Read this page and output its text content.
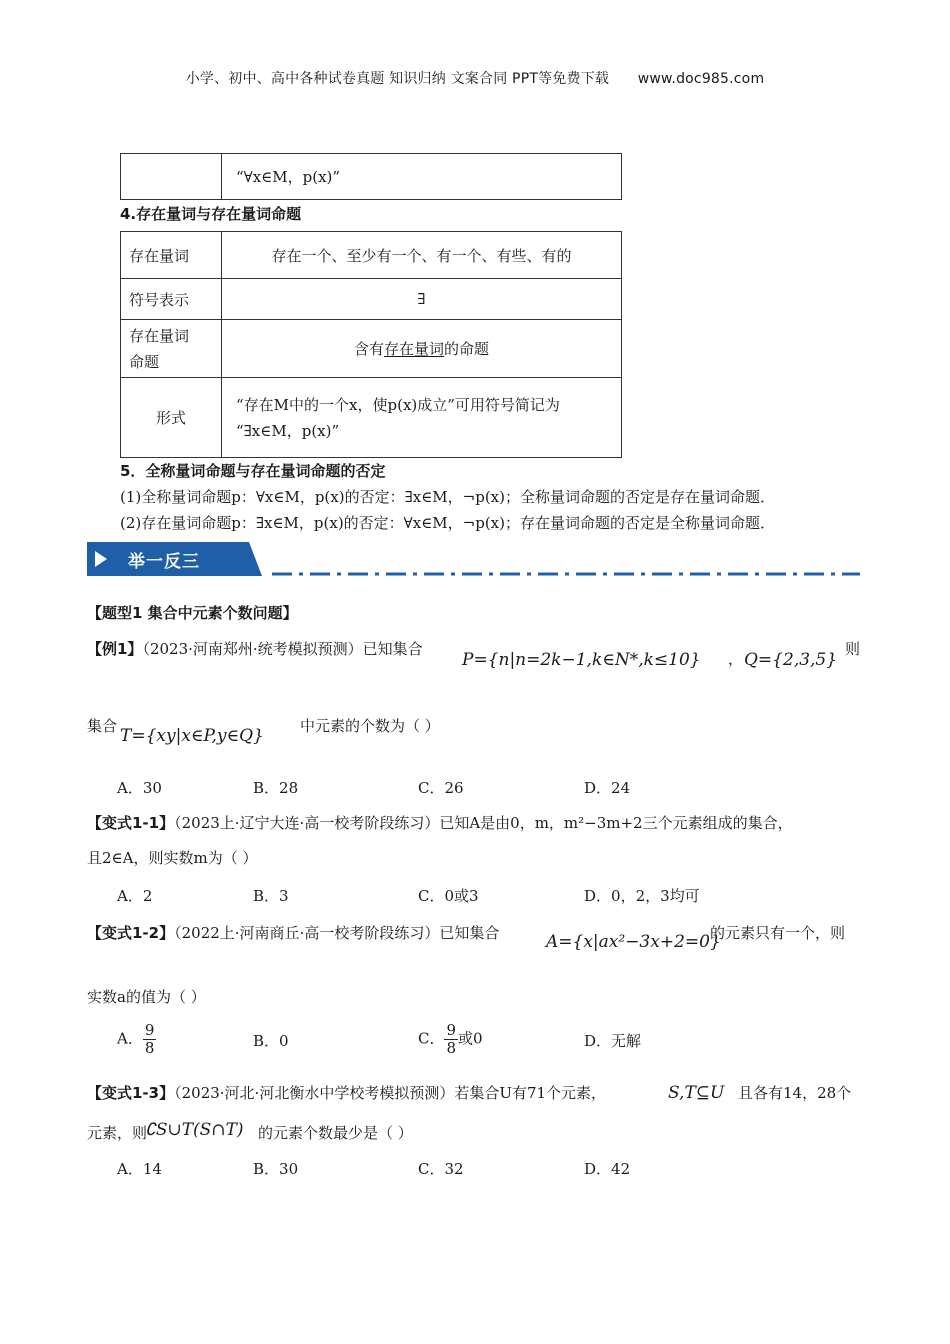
小学、初中、高中各种试卷真题 知识归纳 文案合同 PPT等免费下载 www.doc985.com
	“∀x∈M，p(x)”
4.存在量词与存在量词命题
存在量词	存在一个、至少有一个、有一个、有些、有的
符号表示	∃

存在量词
命题	含有存在量词的命题
形式	“存在M中的一个x，使p(x)成立”可用符号简记为
“∃x∈M，p(x)”
5．全称量词命题与存在量词命题的否定
(1)全称量词命题p：∀x∈M，p(x)的否定：∃x∈M，¬p(x)；全称量词命题的否定是存在量词命题．
(2)存在量词命题p：∃x∈M，p(x)的否定：∀x∈M，¬p(x)；存在量词命题的否定是全称量词命题．
举一反三
【题型1 集合中元素个数问题】
【例1】（2023·河南郑州·统考模拟预测）已知集合
P={n|n=2k−1,k∈N*,k≤10} ， Q={2,3,5}
，则
集合 T={xy|x∈P,y∈Q} 中元素的个数为（ ）
A．30	B．28	C．26	D．24
【变式1-1】（2023上·辽宁大连·高一校考阶段练习）已知A是由0，m，m²−3m+2三个元素组成的集合，
且2∈A，则实数m为（ ）
A．2	B．3	C．0或3	D．0，2，3均可
【变式1-2】（2022上·河南商丘·高一校考阶段练习）已知集合	A={x|ax²−3x+2=0}
的元素只有一个，则
实数a的值为（ ）
A． $\frac{9}{8}$	B．0	C． $\frac{9}{8}$ 或0	D．无解
【变式1-3】（2023·河北·河北衡水中学校考模拟预测）若集合U有71个元素，	S,T⊆U 且各有14，28个
元素，则
∁S∪T(S∩T) 的元素个数最少是（ ）
A．14	B．30	C．32	D．42
